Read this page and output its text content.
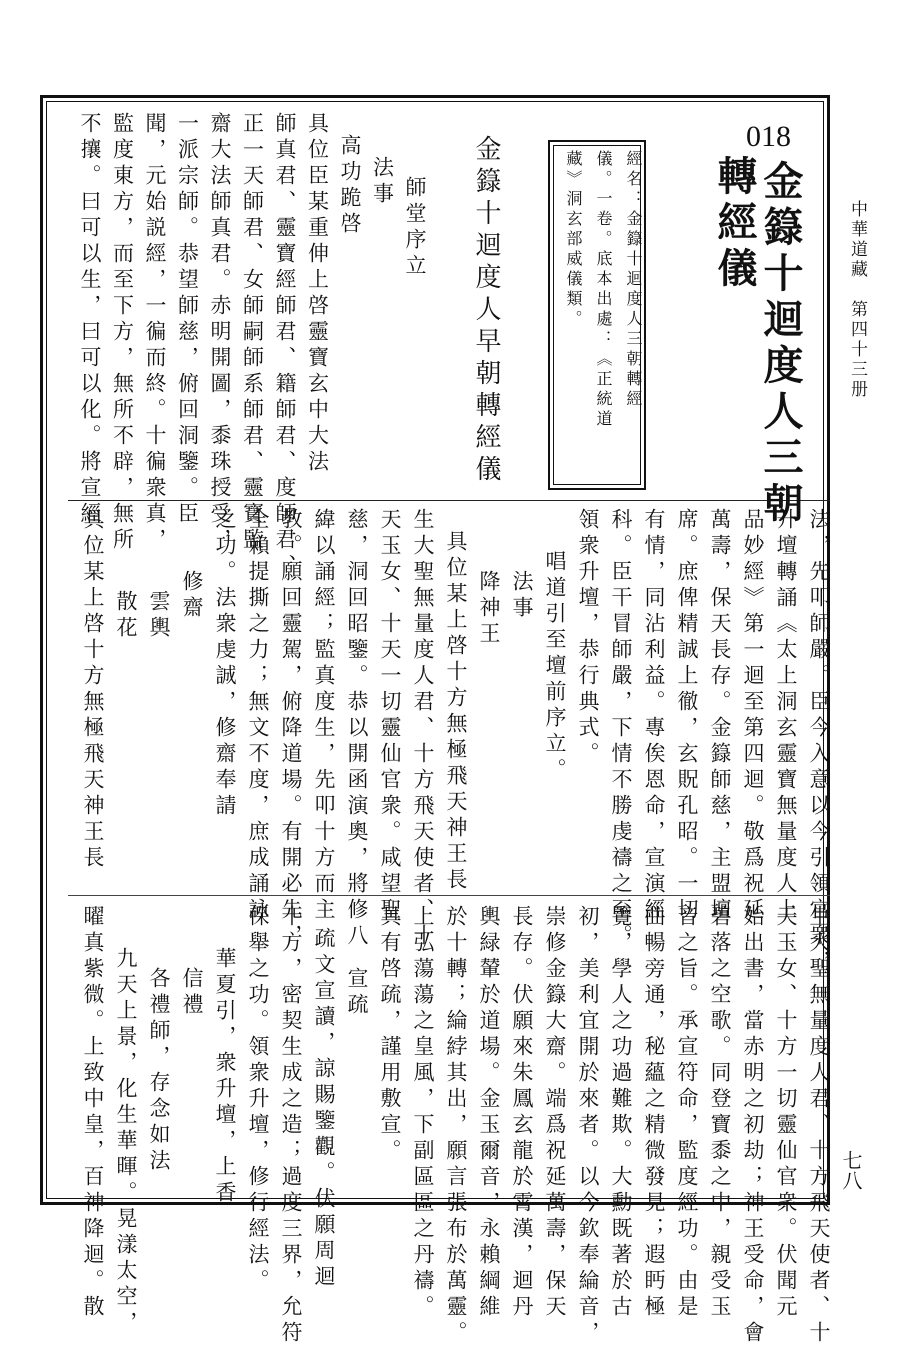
中華道藏　第四十三册
七八
018
金籙十迴度人三朝
轉經儀
經名：金籙十迴度人三朝轉經
儀。一卷。底本出處：《正統道
藏》洞玄部威儀類。
金籙十迴度人早朝轉經儀
師堂序立
法事
高功跪啓
具位臣某重伸上啓靈寶玄中大法
師真君、靈寶經師君、籍師君、度師君、
正一天師君、女師嗣師系師君、靈寶監
齋大法師真君。赤明開圖，黍珠授受，
一派宗師。恭望師慈，俯回洞鑒。臣
聞，元始説經，一徧而終。十徧衆真，
監度東方，而至下方，無所不辟，無所
不攘。曰可以生，曰可以化。將宣經
法，先叩師嚴。臣今入意以今引領官衆，
升壇轉誦《太上洞玄靈寶無量度人上
品妙經》第一迴至第四迴。敬爲祝延
萬壽，保天長存。金籙師慈，主盟壇
席。庶俾精誠上徹，玄貺孔昭。一切
有情，同沾利益。專俟恩命，宣演經
科。臣干冒師嚴，下情不勝虔禱之至。
領衆升壇，恭行典式。
唱道引至壇前序立。
法事
降神王
具位某上啓十方無極飛天神王長
生大聖無量度人君、十方飛天使者、十
天玉女、十天一切靈仙官衆。咸望聖
慈，洞回昭鑒。恭以開函演奧，將修八
緯以誦經；監真度生，先叩十方而主
教。願回靈駕，俯降道場。有開必先，
全賴提撕之力；無文不度，庶成誦詠
之功。法衆虔誠，修齋奉請
修齋
雲輿
散花
具位某上啓十方無極飛天神王長
生大聖無量度人君、十方飛天使者、十
天玉女、十方一切靈仙官衆。伏聞元
始出書，當赤明之初劫；神王受命，會
碧落之空歌。同登寶黍之中，親受玉
音之旨。承宣符命，監度經功。由是
曲暢旁通，秘蘊之精微發見；遐眄極
覽，學人之功過難欺。大勳既著於古
初，美利宜開於來者。以今欽奉綸音，
崇修金籙大齋。端爲祝延萬壽，保天
長存。伏願來朱鳳玄龍於霄漢，迴丹
輿緑輦於道場。金玉爾音，永賴綱維
於十轉；綸綍其出，願言張布於萬靈。
上弘蕩蕩之皇風，下副區區之丹禱。
具有啓疏，謹用敷宣。
宣疏
疏文宣讀，諒賜鑒觀。伏願周迴
十方，密契生成之造；過度三界，允符
保舉之功。領衆升壇，修行經法。
華夏引，衆升壇，上香
信禮
各禮師，存念如法
九天上景，化生華暉。晃漾太空，
曜真紫微。上致中皇，百神降迴。散
